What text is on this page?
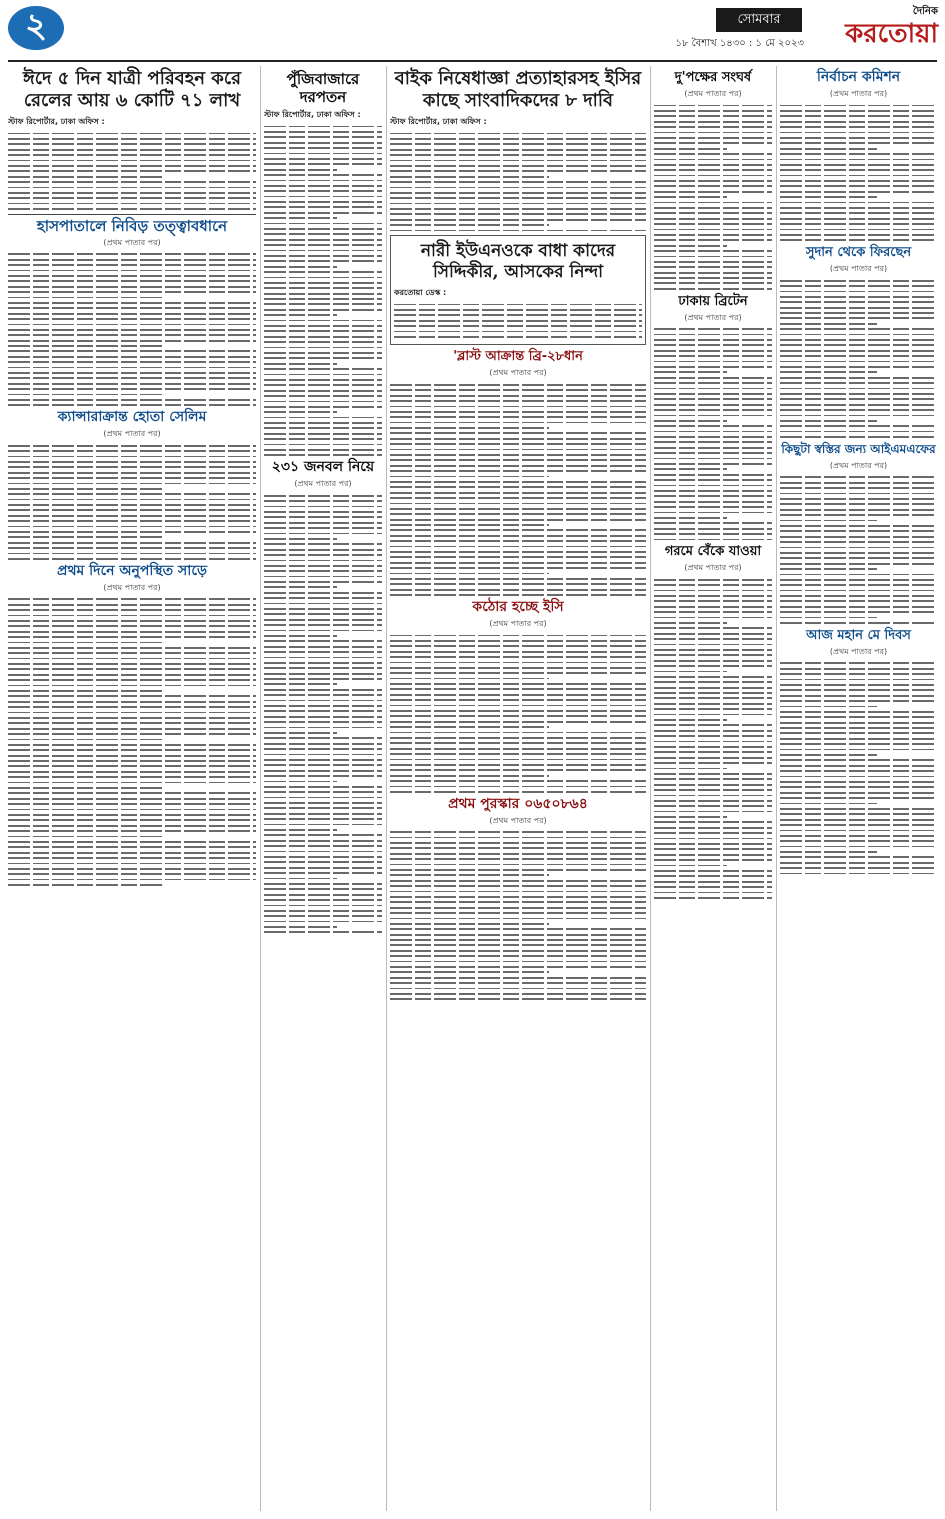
২	সোমবার
১৮ বৈশাখ ১৪৩০ : ১ মে ২০২৩
দৈনিক
করতোয়া
ঈদে ৫ দিন যাত্রী পরিবহন করে রেলের আয় ৬ কোটি ৭১ লাখ
স্টাফ রিপোর্টার, ঢাকা অফিস :
হাসপাতালে নিবিড় তত্ত্বাবধানে
(প্রথম পাতার পর)
ক্যান্সারাক্রান্ত হোতা সেলিম
(প্রথম পাতার পর)
প্রথম দিনে অনুপস্থিত সাড়ে
(প্রথম পাতার পর)
পুঁজিবাজারে দরপতন
স্টাফ রিপোর্টার, ঢাকা অফিস :
২৩১ জনবল নিয়ে
(প্রথম পাতার পর)
বাইক নিষেধাজ্ঞা প্রত্যাহারসহ ইসির কাছে সাংবাদিকদের ৮ দাবি
স্টাফ রিপোর্টার, ঢাকা অফিস :
নারী ইউএনওকে বাধা কাদের সিদ্দিকীর, আসকের নিন্দা
করতোয়া ডেস্ক :
'ব্লাস্ট আক্রান্ত ব্রি-২৮ধান
(প্রথম পাতার পর)
কঠোর হচ্ছে ইসি
(প্রথম পাতার পর)
প্রথম পুরস্কার ০৬৫০৮৬৪
(প্রথম পাতার পর)
দু'পক্ষের সংঘর্ষ
(প্রথম পাতার পর)
ঢাকায় ব্রিটেন
(প্রথম পাতার পর)
গরমে বেঁকে যাওয়া
(প্রথম পাতার পর)
নির্বাচন কমিশন
(প্রথম পাতার পর)
সুদান থেকে ফিরছেন
(প্রথম পাতার পর)
কিছুটা স্বস্তির জন্য আইএমএফের
(প্রথম পাতার পর)
আজ মহান মে দিবস
(প্রথম পাতার পর)
